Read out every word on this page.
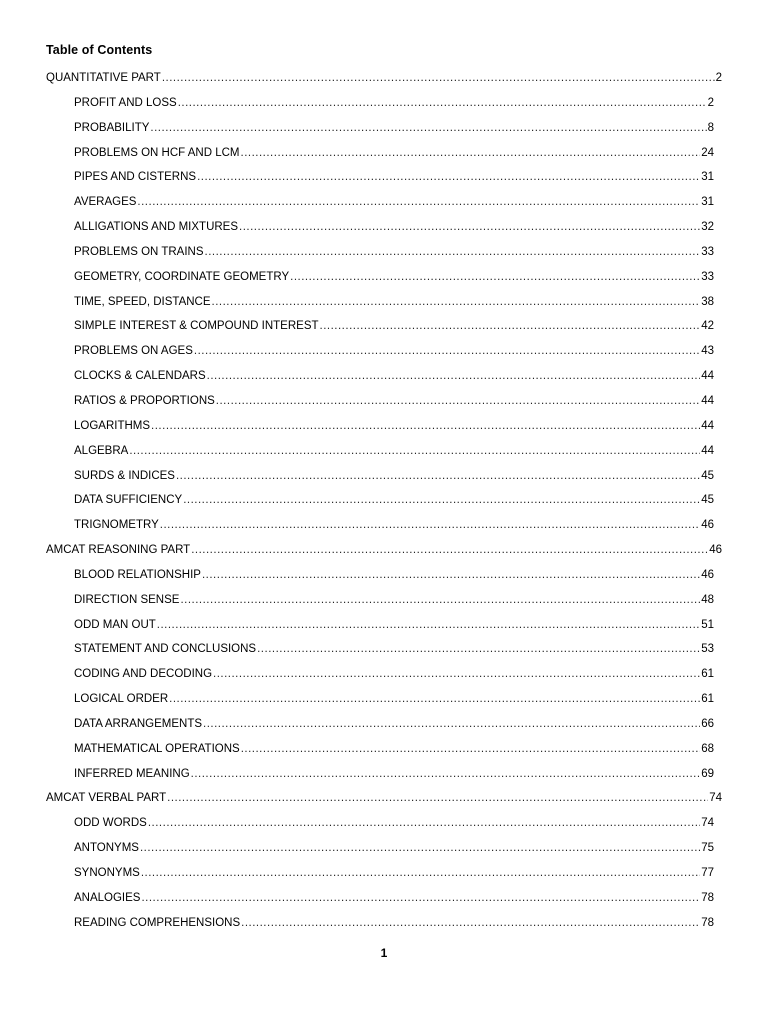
Table of Contents
QUANTITATIVE PART .....	2
PROFIT AND LOSS .....	2
PROBABILITY .....	8
PROBLEMS ON HCF AND LCM .....	24
PIPES AND CISTERNS .....	31
AVERAGES .....	31
ALLIGATIONS AND MIXTURES .....	32
PROBLEMS ON TRAINS .....	33
GEOMETRY, COORDINATE GEOMETRY .....	33
TIME, SPEED, DISTANCE .....	38
SIMPLE INTEREST & COMPOUND INTEREST .....	42
PROBLEMS ON AGES .....	43
CLOCKS & CALENDARS .....	44
RATIOS & PROPORTIONS .....	44
LOGARITHMS .....	44
ALGEBRA .....	44
SURDS & INDICES .....	45
DATA SUFFICIENCY .....	45
TRIGNOMETRY .....	46
AMCAT REASONING PART .....	46
BLOOD RELATIONSHIP .....	46
DIRECTION SENSE .....	48
ODD MAN OUT .....	51
STATEMENT AND CONCLUSIONS .....	53
CODING AND DECODING .....	61
LOGICAL ORDER .....	61
DATA ARRANGEMENTS .....	66
MATHEMATICAL OPERATIONS .....	68
INFERRED MEANING .....	69
AMCAT VERBAL PART .....	74
ODD WORDS .....	74
ANTONYMS .....	75
SYNONYMS .....	77
ANALOGIES .....	78
READING COMPREHENSIONS .....	78
1
